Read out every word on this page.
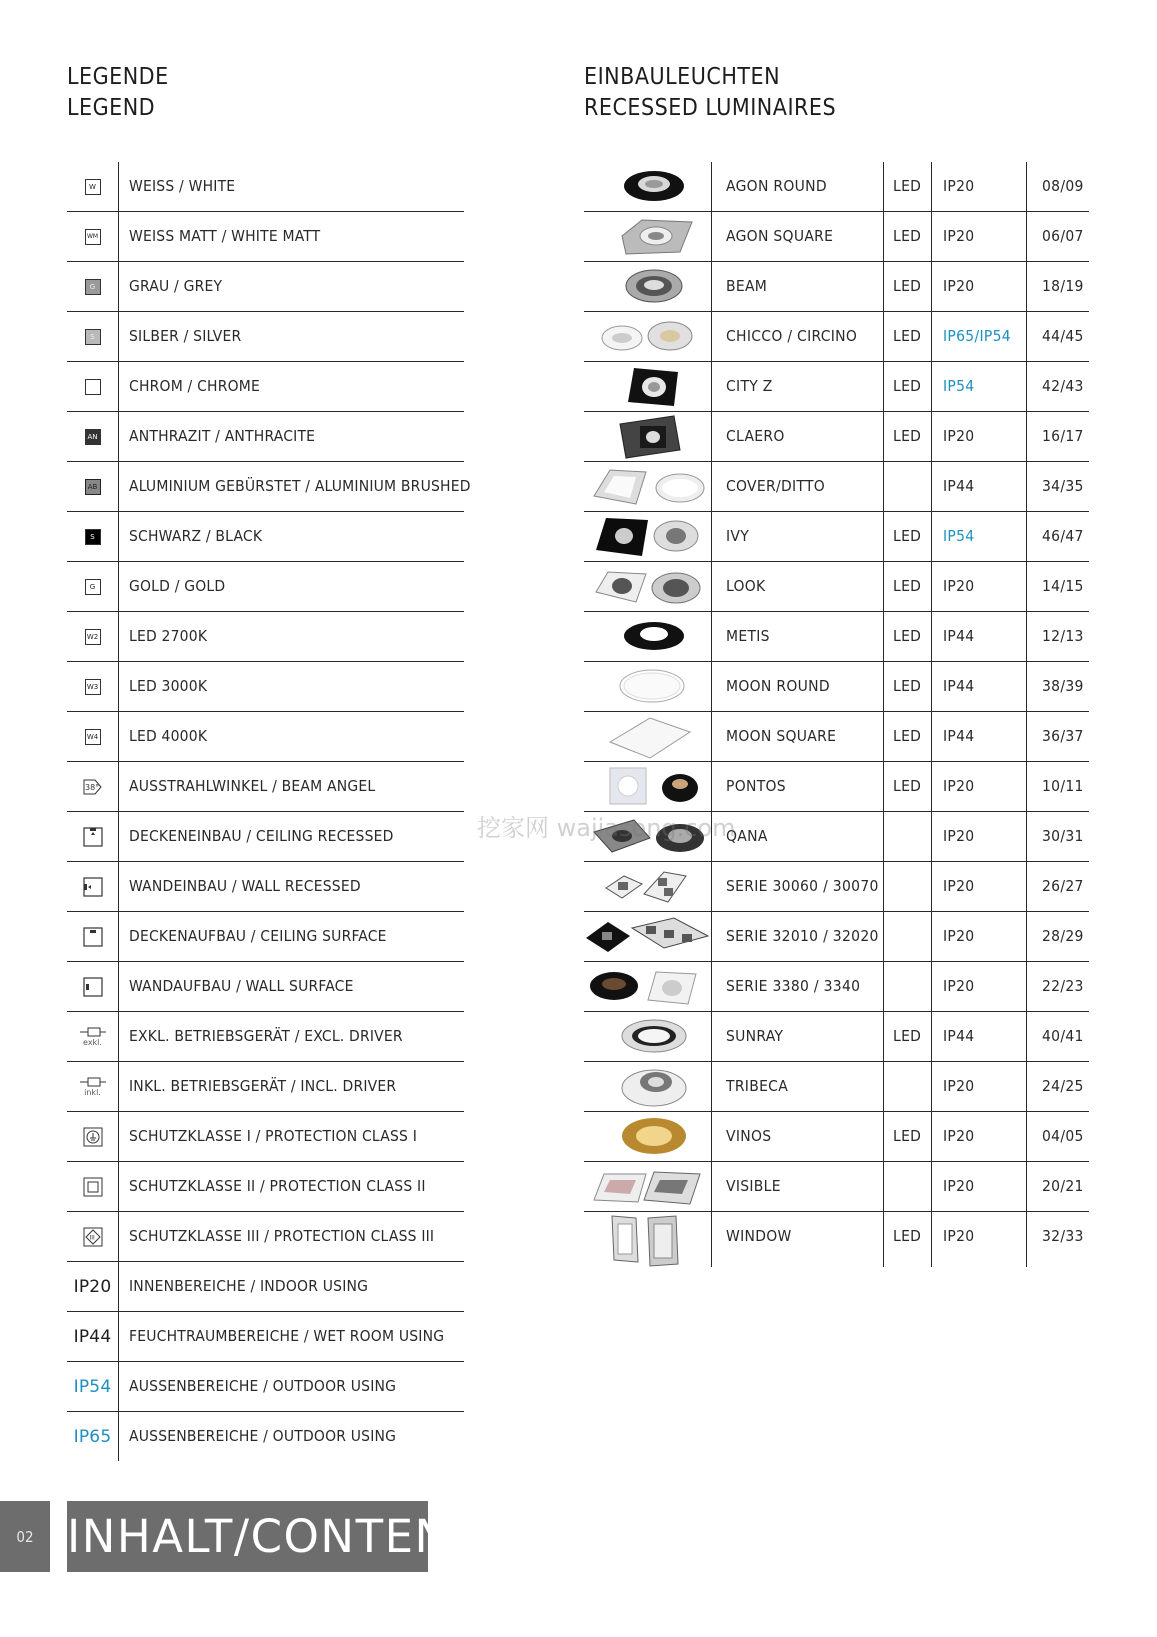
LEGENDE
LEGEND
EINBAULEUCHTEN
RECESSED LUMINAIRES
W WEISS / WHITE
WM WEISS MATT / WHITE MATT
G	GRAU / GREY
S	SILBER / SILVER
CHROM / CHROME
AN ANTHRAZIT / ANTHRACITE
AB ALUMINIUM GEBÜRSTET / ALUMINIUM BRUSHED
S	SCHWARZ / BLACK
G	GOLD / GOLD
W2 LED 2700K
W3 LED 3000K
W4 LED 4000K
38° AUSSTRAHLWINKEL / BEAM ANGEL
DECKENEINBAU / CEILING RECESSED
WANDEINBAU / WALL RECESSED
DECKENAUFBAU / CEILING SURFACE
WANDAUFBAU / WALL SURFACE
exkl. EXKL. BETRIEBSGERÄT / EXCL. DRIVER
inkl. INKL. BETRIEBSGERÄT / INCL. DRIVER
SCHUTZKLASSE I / PROTECTION CLASS I
SCHUTZKLASSE II / PROTECTION CLASS II
III SCHUTZKLASSE III / PROTECTION CLASS III
IP20 INNENBEREICHE / INDOOR USING
IP44 FEUCHTRAUMBEREICHE / WET ROOM USING
IP54 AUSSENBEREICHE / OUTDOOR USING
IP65 AUSSENBEREICHE / OUTDOOR USING
AGON ROUND	LED IP20	08/09
AGON SQUARE	LED IP20	06/07
BEAM	LED IP20	18/19
CHICCO / CIRCINO LED IP65/IP54 44/45
CITY Z	LED IP54	42/43
CLAERO	LED IP20	16/17
COVER/DITTO	IP44	34/35
IVY	LED IP54	46/47
LOOK	LED IP20	14/15
METIS	LED IP44	12/13
MOON ROUND	LED IP44	38/39
MOON SQUARE	LED IP44	36/37
PONTOS	LED IP20	10/11
QANA	IP20	30/31
SERIE 30060 / 30070	IP20	26/27
SERIE 32010 / 32020	IP20	28/29
SERIE 3380 / 3340	IP20	22/23
SUNRAY	LED IP44	40/41
TRIBECA	IP20	24/25
VINOS	LED IP20	04/05
VISIBLE	IP20	20/21
WINDOW	LED IP20	32/33
挖家网 wajiasong.com
02 INHALT/CONTENT
